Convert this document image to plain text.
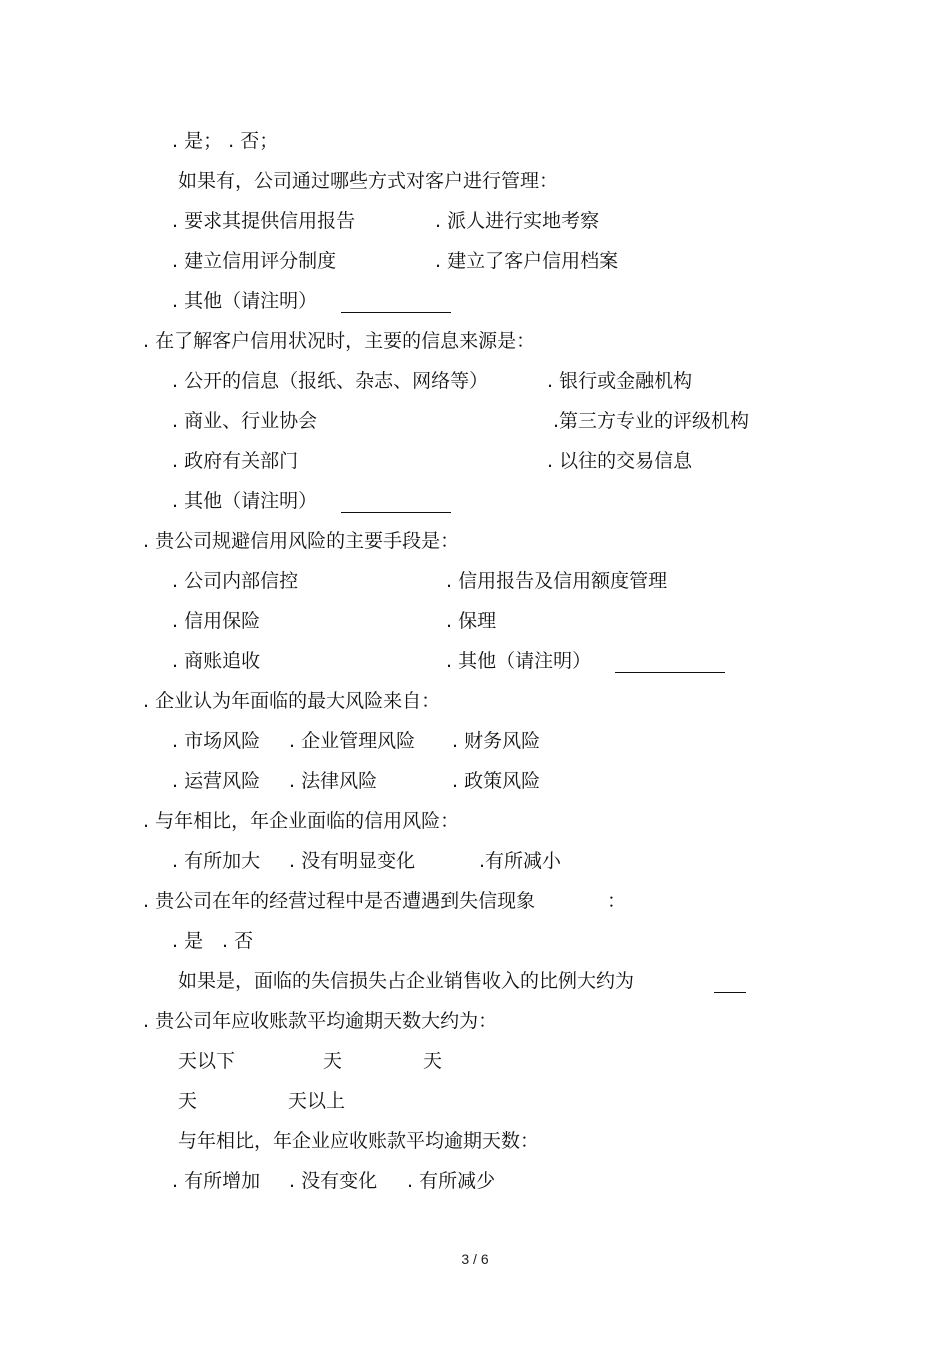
. 是； . 否；
如果有，公司通过哪些方式对客户进行管理：
. 要求其提供信用报告	. 派人进行实地考察
. 建立信用评分制度	. 建立了客户信用档案
. 其他（请注明）
. 在了解客户信用状况时，主要的信息来源是：
. 公开的信息（报纸、杂志、网络等）	. 银行或金融机构
. 商业、行业协会	.第三方专业的评级机构
. 政府有关部门	. 以往的交易信息
. 其他（请注明）
. 贵公司规避信用风险的主要手段是：
. 公司内部信控	. 信用报告及信用额度管理
. 信用保险	. 保理
. 商账追收	. 其他（请注明）
. 企业认为年面临的最大风险来自：
. 市场风险 . 企业管理风险 . 财务风险
. 运营风险 . 法律风险	. 政策风险
. 与年相比，年企业面临的信用风险：
. 有所加大 . 没有明显变化	.有所减小
. 贵公司在年的经营过程中是否遭遇到失信现象	：
. 是 . 否
如果是，面临的失信损失占企业销售收入的比例大约为
. 贵公司年应收账款平均逾期天数大约为：
天以下	天	天
天	天以上
与年相比，年企业应收账款平均逾期天数：
. 有所增加 . 没有变化 . 有所减少
3 / 6
